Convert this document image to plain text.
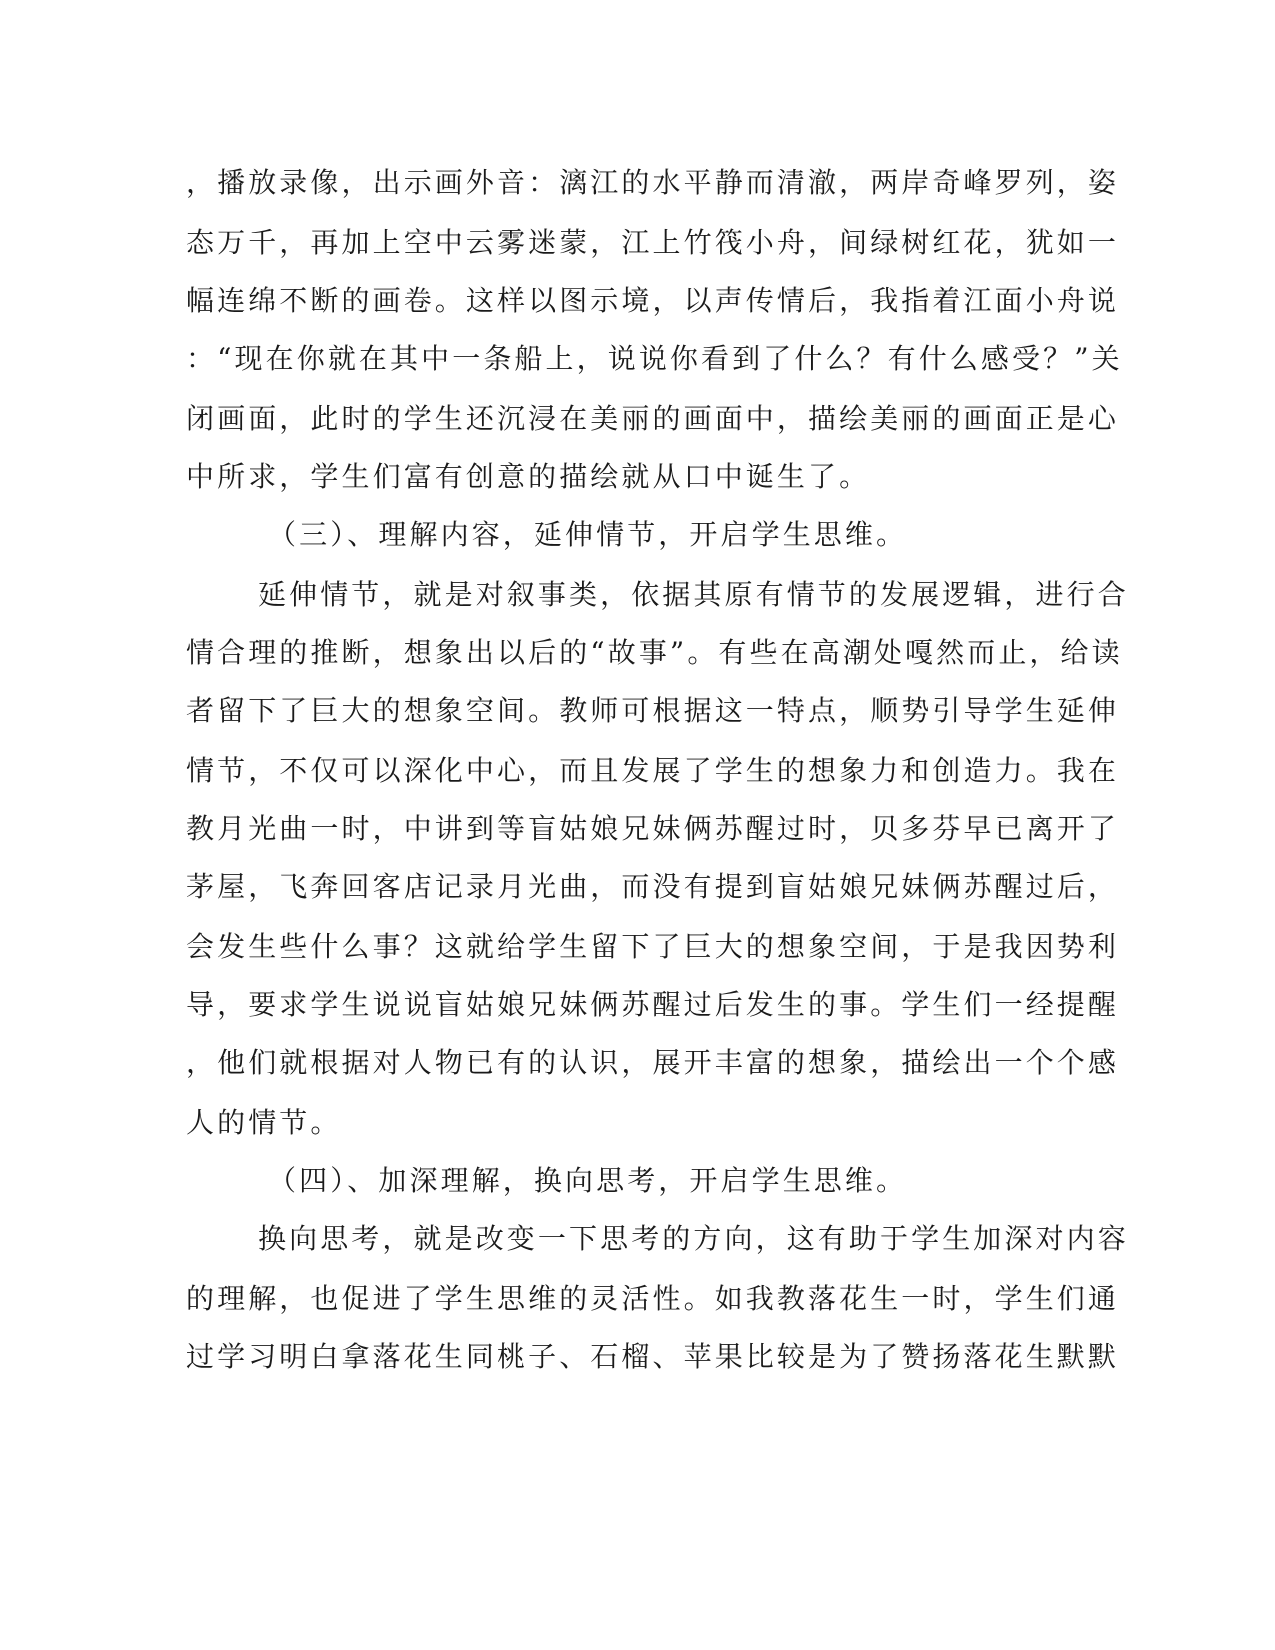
，播放录像，出示画外音：漓江的水平静而清澈，两岸奇峰罗列，姿
态万千，再加上空中云雾迷蒙，江上竹筏小舟，间绿树红花，犹如一
幅连绵不断的画卷。这样以图示境，以声传情后，我指着江面小舟说
：“现在你就在其中一条船上，说说你看到了什么？有什么感受？”关
闭画面，此时的学生还沉浸在美丽的画面中，描绘美丽的画面正是心
中所求，学生们富有创意的描绘就从口中诞生了。
（三）、理解内容，延伸情节，开启学生思维。
延伸情节，就是对叙事类，依据其原有情节的发展逻辑，进行合
情合理的推断，想象出以后的“故事”。有些在高潮处嘎然而止，给读
者留下了巨大的想象空间。教师可根据这一特点，顺势引导学生延伸
情节，不仅可以深化中心，而且发展了学生的想象力和创造力。我在
教月光曲一时，中讲到等盲姑娘兄妹俩苏醒过时，贝多芬早已离开了
茅屋，飞奔回客店记录月光曲，而没有提到盲姑娘兄妹俩苏醒过后，
会发生些什么事？这就给学生留下了巨大的想象空间，于是我因势利
导，要求学生说说盲姑娘兄妹俩苏醒过后发生的事。学生们一经提醒
，他们就根据对人物已有的认识，展开丰富的想象，描绘出一个个感
人的情节。
（四）、加深理解，换向思考，开启学生思维。
换向思考，就是改变一下思考的方向，这有助于学生加深对内容
的理解，也促进了学生思维的灵活性。如我教落花生一时，学生们通
过学习明白拿落花生同桃子、石榴、苹果比较是为了赞扬落花生默默
